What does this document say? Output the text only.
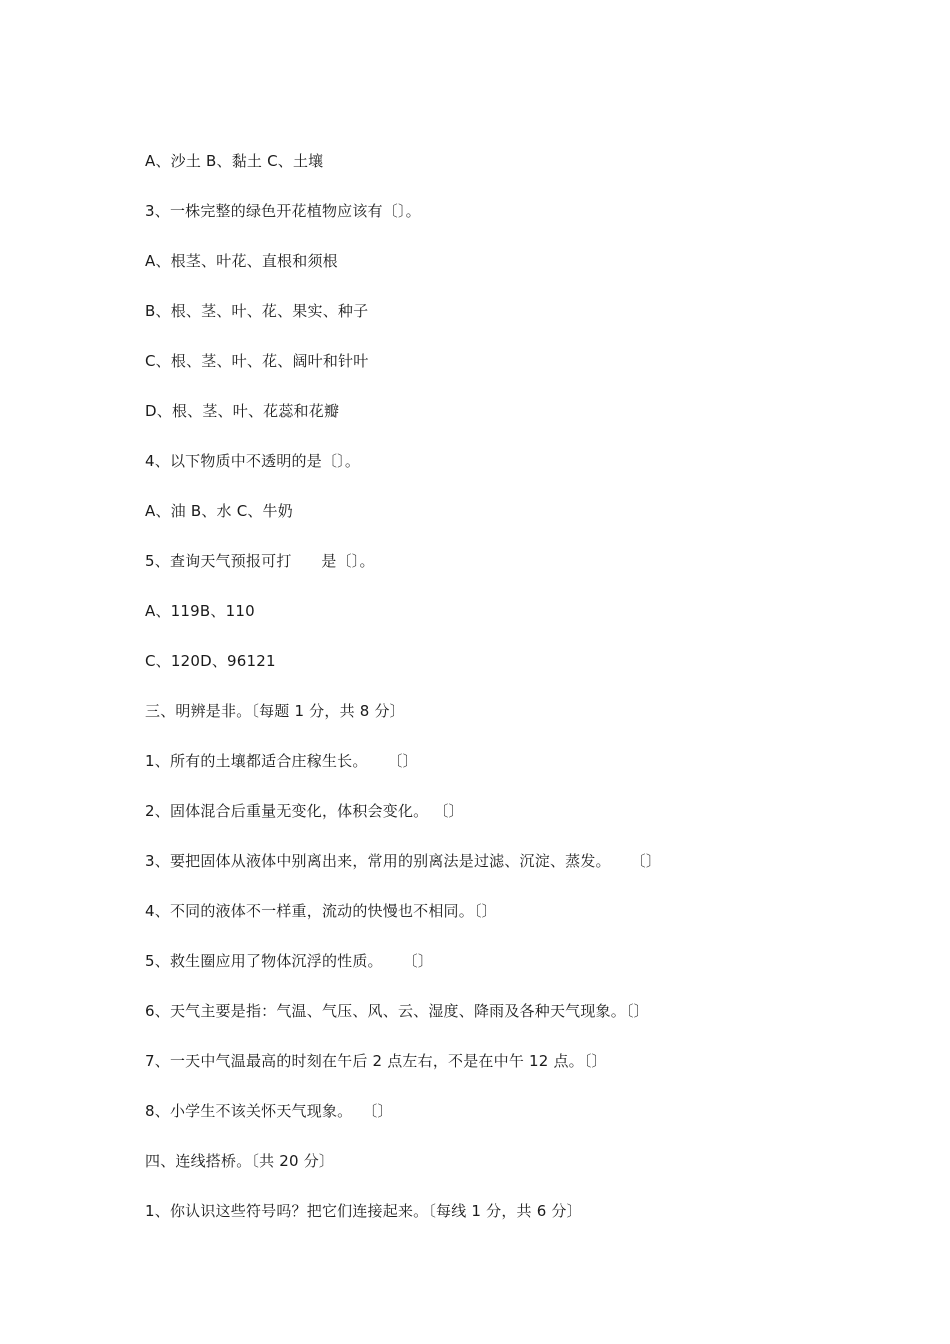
A、沙土 B、黏土 C、土壤
3、一株完整的绿色开花植物应该有〔〕。
A、根茎、叶花、直根和须根
B、根、茎、叶、花、果实、种子
C、根、茎、叶、花、阔叶和针叶
D、根、茎、叶、花蕊和花瓣
4、以下物质中不透明的是〔〕。
A、油 B、水 C、牛奶
5、查询天气预报可打      是〔〕。
A、119B、110
C、120D、96121
三、明辨是非。〔每题 1 分，共 8 分〕
1、所有的土壤都适合庄稼生长。    〔〕
2、固体混合后重量无变化，体积会变化。 〔〕
3、要把固体从液体中别离出来，常用的别离法是过滤、沉淀、蒸发。    〔〕
4、不同的液体不一样重，流动的快慢也不相同。〔〕
5、救生圈应用了物体沉浮的性质。    〔〕
6、天气主要是指：气温、气压、风、云、湿度、降雨及各种天气现象。〔〕
7、一天中气温最高的时刻在午后 2 点左右，不是在中午 12 点。〔〕
8、小学生不该关怀天气现象。  〔〕
四、连线搭桥。〔共 20 分〕
1、你认识这些符号吗？把它们连接起来。〔每线 1 分，共 6 分〕
